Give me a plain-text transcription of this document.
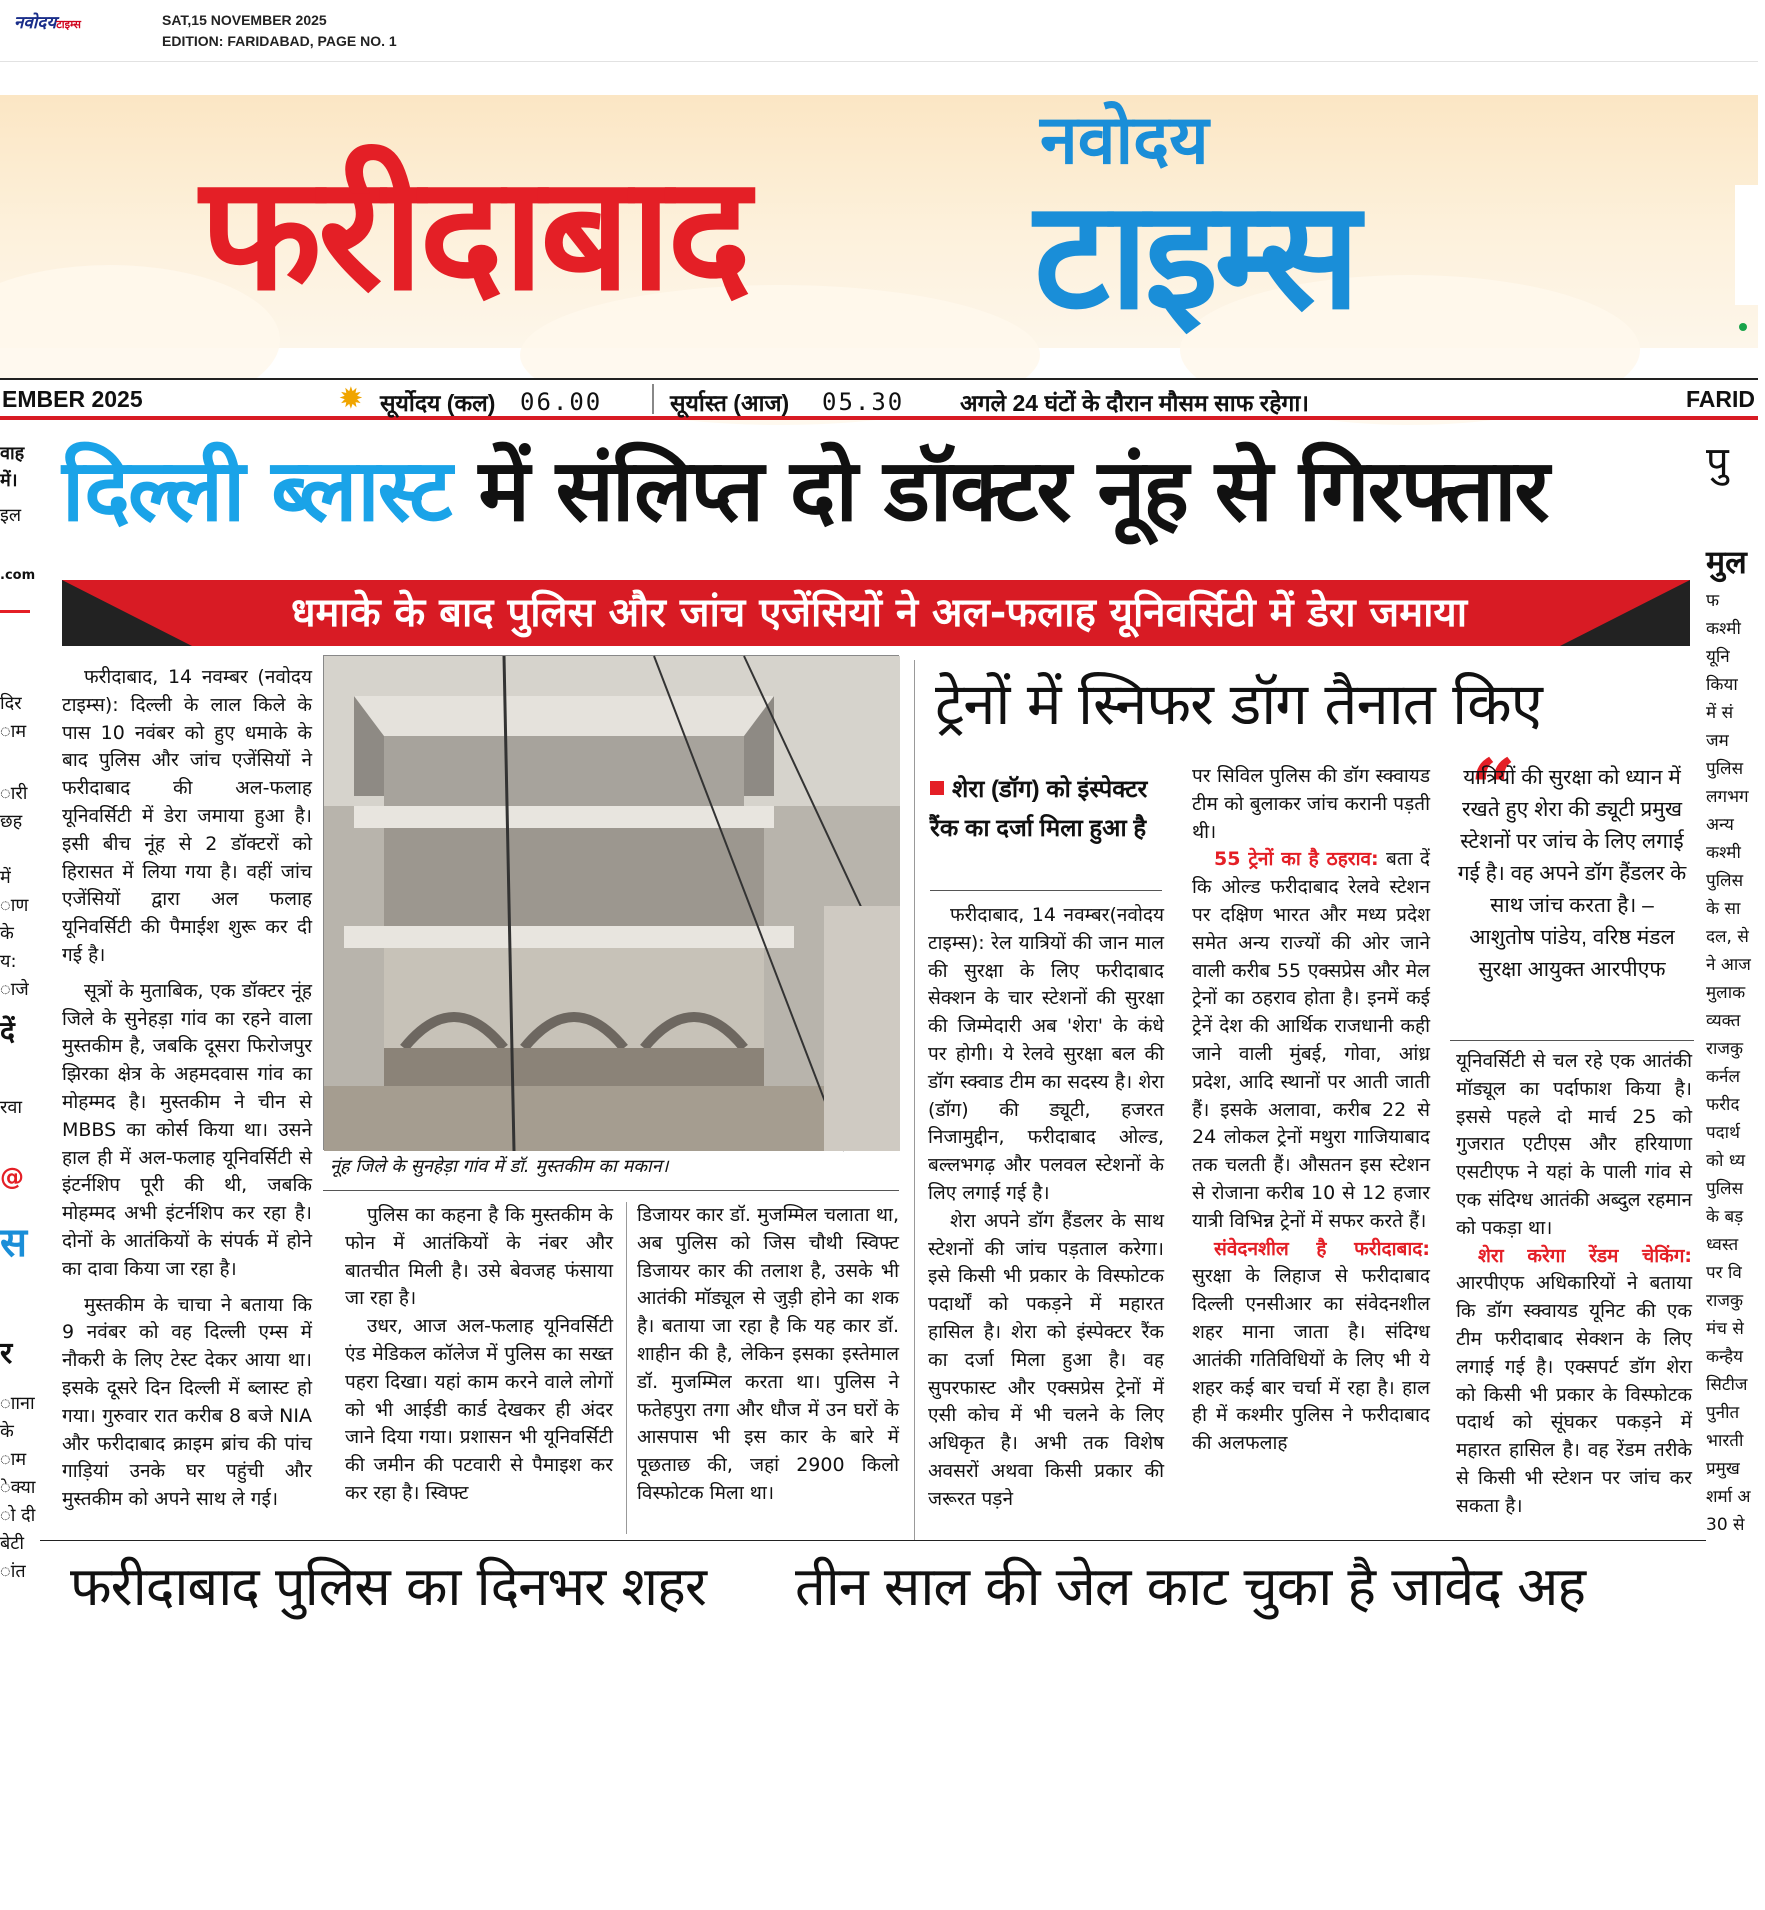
नवोदयटाइम्स	SAT,15 NOVEMBER 2025
EDITION: FARIDABAD, PAGE NO. 1
फरीदाबाद
नवोदय
टाइम्स
EMBER 2025	✹ सूर्योदय (कल) 06.00	सूर्यास्त (आज) 05.30 अगले 24 घंटों के दौरान मौसम साफ रहेगा।	FARID
वाह
में।
इल
.com
दिर
ाम
ारी
छह
में
ाण
के
य:
ाजे
दें
रवा
@
स
र
ााना
के
ाम
ेक्या
ो दी
बेटी
ांत
पु
मुल
फ
कश्मी
यूनि
किया
में सं
जम
पुलिस
लगभग
अन्य
कश्मी
पुलिस
के सा
दल, से
ने आज
मुलाक
व्यक्त
राजकु
कर्नल
फरीद
पदार्थ
को ध्य
पुलिस
के बड़
ध्वस्त
पर वि
राजकु
मंच से
कन्हैय
सिटीज
पुनीत
भारती
प्रमुख
शर्मा अ
30 से
दिल्ली ब्लास्ट में संलिप्त दो डॉक्टर नूंह से गिरफ्तार
धमाके के बाद पुलिस और जांच एजेंसियों ने अल-फलाह यूनिवर्सिटी में डेरा जमाया

फरीदाबाद, 14 नवम्बर (नवोदय टाइम्स): दिल्ली के लाल किले के पास 10 नवंबर को हुए धमाके के बाद पुलिस और जांच एजेंसियों ने फरीदाबाद की अल-फलाह यूनिवर्सिटी में डेरा जमाया हुआ है। इसी बीच नूंह से 2 डॉक्टरों को हिरासत में लिया गया है। वहीं जांच एजेंसियों द्वारा अल फलाह यूनिवर्सिटी की पैमाईश शुरू कर दी गई है।

सूत्रों के मुताबिक, एक डॉक्टर नूंह जिले के सुनेहड़ा गांव का रहने वाला मुस्तकीम है, जबकि दूसरा फिरोजपुर झिरका क्षेत्र के अहमदवास गांव का मोहम्मद है। मुस्तकीम ने चीन से MBBS का कोर्स किया था। उसने हाल ही में अल-फलाह यूनिवर्सिटी से इंटर्नशिप पूरी की थी, जबकि मोहम्मद अभी इंटर्नशिप कर रहा है। दोनों के आतंकियों के संपर्क में होने का दावा किया जा रहा है।

मुस्तकीम के चाचा ने बताया कि 9 नवंबर को वह दिल्ली एम्स में नौकरी के लिए टेस्ट देकर आया था। इसके दूसरे दिन दिल्ली में ब्लास्ट हो गया। गुरुवार रात करीब 8 बजे NIA और फरीदाबाद क्राइम ब्रांच की पांच गाड़ियां उनके घर पहुंची और मुस्तकीम को अपने साथ ले गई।

नूंह जिले के सुनहेड़ा गांव में डॉ. मुस्तकीम का मकान।

पुलिस का कहना है कि मुस्तकीम के फोन में आतंकियों के नंबर और बातचीत मिली है। उसे बेवजह फंसाया जा रहा है।

उधर, आज अल-फलाह यूनिवर्सिटी एंड मेडिकल कॉलेज में पुलिस का सख्त पहरा दिखा। यहां काम करने वाले लोगों को भी आईडी कार्ड देखकर ही अंदर जाने दिया गया। प्रशासन भी यूनिवर्सिटी की जमीन की पटवारी से पैमाइश कर कर रहा है। स्विफ्ट

डिजायर कार डॉ. मुजम्मिल चलाता था, अब पुलिस को जिस चौथी स्विफ्ट डिजायर कार की तलाश है, उसके भी आतंकी मॉड्यूल से जुड़ी होने का शक है। बताया जा रहा है कि यह कार डॉ. शाहीन की है, लेकिन इसका इस्तेमाल डॉ. मुजम्मिल करता था। पुलिस ने फतेहपुरा तगा और धौज में उन घरों के आसपास भी इस कार के बारे में पूछताछ की, जहां 2900 किलो विस्फोटक मिला था।

ट्रेनों में स्निफर डॉग तैनात किए
शेरा (डॉग) को इंस्पेक्टर रैंक का दर्जा मिला हुआ है

फरीदाबाद, 14 नवम्बर(नवोदय टाइम्स): रेल यात्रियों की जान माल की सुरक्षा के लिए फरीदाबाद सेक्शन के चार स्टेशनों की सुरक्षा की जिम्मेदारी अब 'शेरा' के कंधे पर होगी। ये रेलवे सुरक्षा बल की डॉग स्क्वाड टीम का सदस्य है। शेरा (डॉग) की ड्यूटी, हजरत निजामुद्दीन, फरीदाबाद ओल्ड, बल्लभगढ़ और पलवल स्टेशनों के लिए लगाई गई है।

शेरा अपने डॉग हैंडलर के साथ स्टेशनों की जांच पड़ताल करेगा। इसे किसी भी प्रकार के विस्फोटक पदार्थों को पकड़ने में महारत हासिल है। शेरा को इंस्पेक्टर रैंक का दर्जा मिला हुआ है। वह सुपरफास्ट और एक्सप्रेस ट्रेनों में एसी कोच में भी चलने के लिए अधिकृत है। अभी तक विशेष अवसरों अथवा किसी प्रकार की जरूरत पड़ने

पर सिविल पुलिस की डॉग स्क्वायड टीम को बुलाकर जांच करानी पड़ती थी।

55 ट्रेनों का है ठहराव: बता दें कि ओल्ड फरीदाबाद रेलवे स्टेशन पर दक्षिण भारत और मध्य प्रदेश समेत अन्य राज्यों की ओर जाने वाली करीब 55 एक्सप्रेस और मेल ट्रेनों का ठहराव होता है। इनमें कई ट्रेनें देश की आर्थिक राजधानी कही जाने वाली मुंबई, गोवा, आंध्र प्रदेश, आदि स्थानों पर आती जाती हैं। इसके अलावा, करीब 22 से 24 लोकल ट्रेनों मथुरा गाजियाबाद तक चलती हैं। औसतन इस स्टेशन से रोजाना करीब 10 से 12 हजार यात्री विभिन्न ट्रेनों में सफर करते हैं।

संवेदनशील है फरीदाबाद: सुरक्षा के लिहाज से फरीदाबाद दिल्ली एनसीआर का संवेदनशील शहर माना जाता है। संदिग्ध आतंकी गतिविधियों के लिए भी ये शहर कई बार चर्चा में रहा है। हाल ही में कश्मीर पुलिस ने फरीदाबाद की अलफलाह

“
यात्रियों की सुरक्षा को ध्यान में रखते हुए शेरा की ड्यूटी प्रमुख स्टेशनों पर जांच के लिए लगाई गई है। वह अपने डॉग हैंडलर के साथ जांच करता है। – आशुतोष पांडेय, वरिष्ठ मंडल सुरक्षा आयुक्त आरपीएफ

यूनिवर्सिटी से चल रहे एक आतंकी मॉड्यूल का पर्दाफाश किया है। इससे पहले दो मार्च 25 को गुजरात एटीएस और हरियाणा एसटीएफ ने यहां के पाली गांव से एक संदिग्ध आतंकी अब्दुल रहमान को पकड़ा था।

शेरा करेगा रेंडम चेकिंग: आरपीएफ अधिकारियों ने बताया कि डॉग स्क्वायड यूनिट की एक टीम फरीदाबाद सेक्शन के लिए लगाई गई है। एक्सपर्ट डॉग शेरा को किसी भी प्रकार के विस्फोटक पदार्थ को सूंघकर पकड़ने में महारत हासिल है। वह रेंडम तरीके से किसी भी स्टेशन पर जांच कर सकता है।

फरीदाबाद पुलिस का दिनभर शहर तीन साल की जेल काट चुका है जावेद अह
